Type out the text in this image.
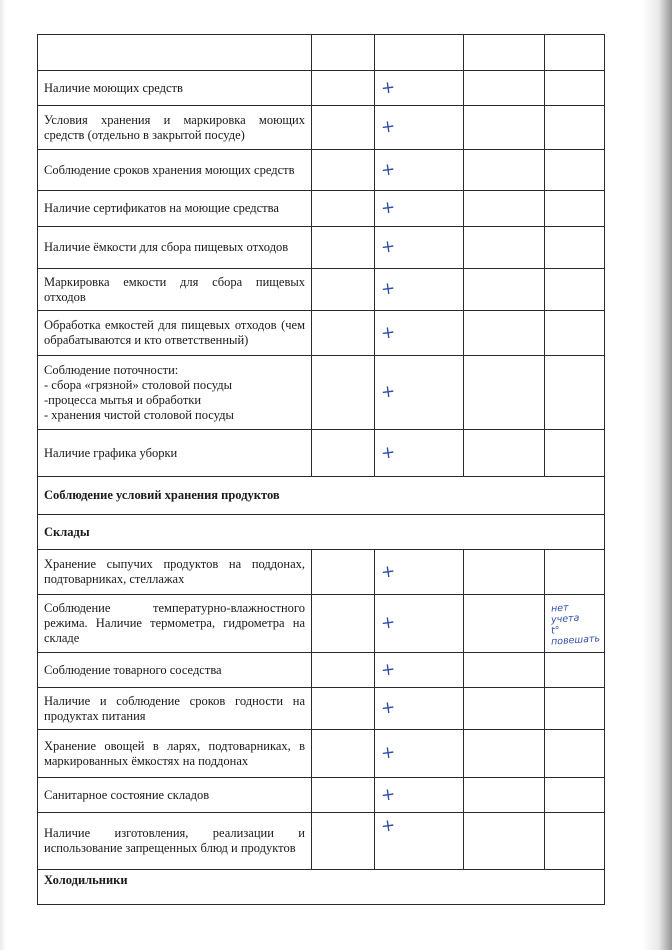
Наличие моющих средств		+		
Условия хранения и маркировка моющих средств (отдельно в закрытой посуде)		+		
Соблюдение сроков хранения моющих средств		+		
Наличие сертификатов на моющие средства		+		
Наличие ёмкости для сбора пищевых отходов		+		
Маркировка емкости для сбора пищевых отходов		+		
Обработка емкостей для пищевых отходов (чем обрабатываются и кто ответственный)		+		

Соблюдение поточности:
- сбора «грязной» столовой посуды
-процесса мытья и обработки
- хранения чистой столовой посуды		+		
Наличие графика уборки		+		
Соблюдение условий хранения продуктов				
Склады				
Хранение сыпучих продуктов на поддонах, подтоварниках, стеллажах		+		
Соблюдение температурно-влажностного режима. Наличие термометра, гидрометра на складе		+		нет
учета
t°
повешать

Соблюдение товарного соседства		+		
Наличие и соблюдение сроков годности на продуктах питания		+		
Хранение овощей в ларях, подтоварниках, в маркированных ёмкостях на поддонах		+		
Санитарное состояние складов		+		
Наличие изготовления, реализации и использование запрещенных блюд и продуктов		+		
Холодильники				
